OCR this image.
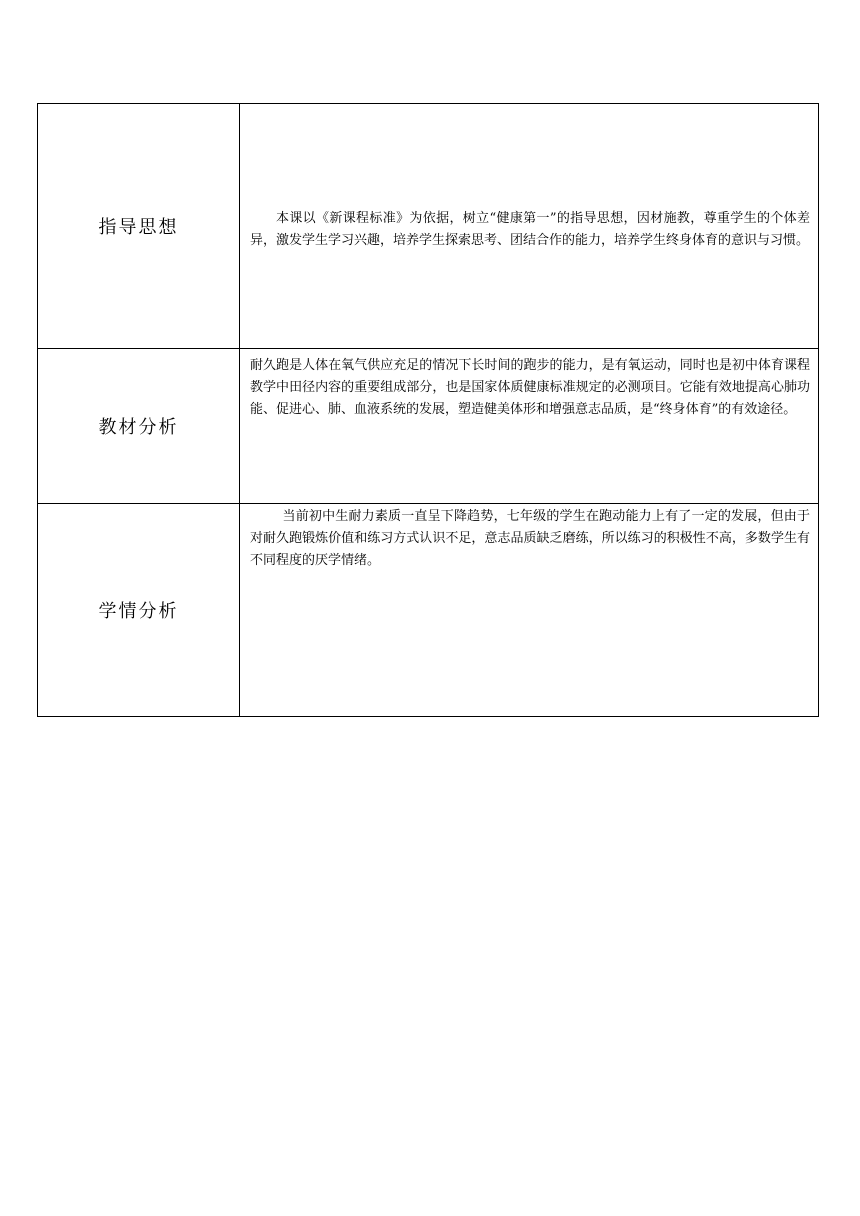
指导思想	本课以《新课程标准》为依据，树立“健康第一”的指导思想，因材施教，尊重学生的个体差异，激发学生学习兴趣，培养学生探索思考、团结合作的能力，培养学生终身体育的意识与习惯。

教材分析	耐久跑是人体在氧气供应充足的情况下长时间的跑步的能力，是有氧运动，同时也是初中体育课程教学中田径内容的重要组成部分，也是国家体质健康标准规定的必测项目。它能有效地提高心肺功能、促进心、肺、血液系统的发展，塑造健美体形和增强意志品质，是“终身体育”的有效途径。

学情分析	当前初中生耐力素质一直呈下降趋势，七年级的学生在跑动能力上有了一定的发展，但由于对耐久跑锻炼价值和练习方式认识不足，意志品质缺乏磨练，所以练习的积极性不高，多数学生有不同程度的厌学情绪。
